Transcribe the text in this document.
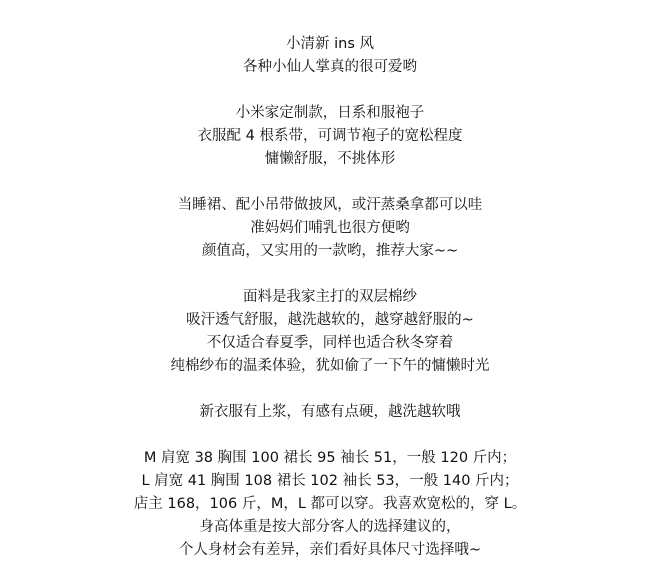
小清新 ins 风
各种小仙人掌真的很可爱哟
小米家定制款，日系和服袍子
衣服配 4 根系带，可调节袍子的宽松程度
慵懒舒服，不挑体形
当睡裙、配小吊带做披风，或汗蒸桑拿都可以哇
准妈妈们哺乳也很方便哟
颜值高，又实用的一款哟，推荐大家~~
面料是我家主打的双层棉纱
吸汗透气舒服，越洗越软的，越穿越舒服的~
不仅适合春夏季，同样也适合秋冬穿着
纯棉纱布的温柔体验，犹如偷了一下午的慵懒时光
新衣服有上浆，有感有点硬，越洗越软哦
M 肩宽 38 胸围 100 裙长 95 袖长 51，一般 120 斤内；
L 肩宽 41 胸围 108 裙长 102 袖长 53，一般 140 斤内；
店主 168，106 斤，M，L 都可以穿。我喜欢宽松的，穿 L。
身高体重是按大部分客人的选择建议的，
个人身材会有差异，亲们看好具体尺寸选择哦~
